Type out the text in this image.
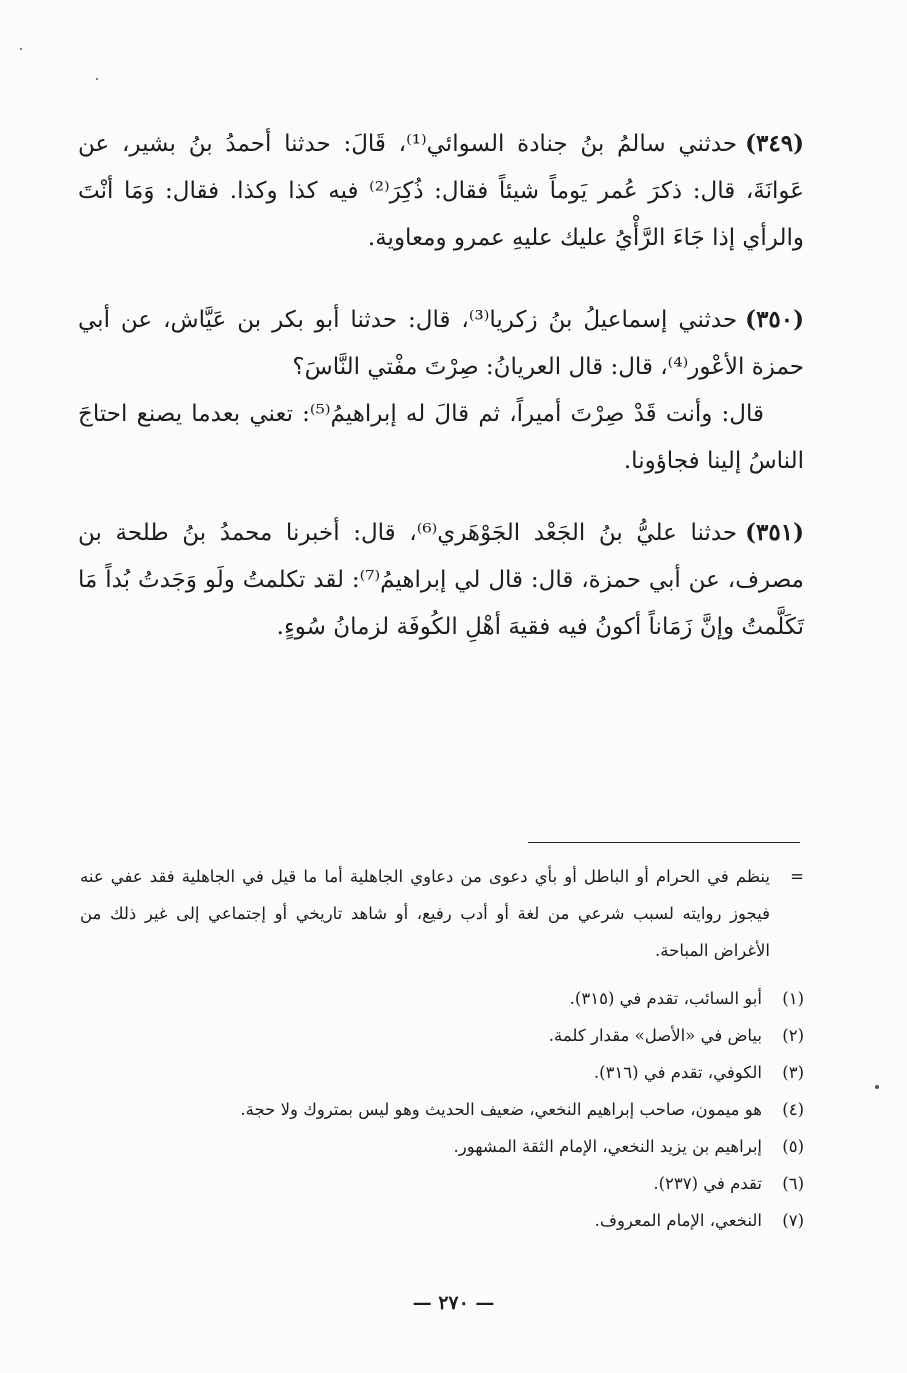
(٣٤٩)حدثني سالمُ بنُ جنادة السوائي⁽¹⁾، قَالَ: حدثنا أحمدُ بنُ بشير، عن عَوانَةَ، قال: ذكرَ عُمر يَوماً شيئاً فقال: ذُكِرَ⁽²⁾ فيه كذا وكذا. فقال: وَمَا أنْتَ والرأي إذا جَاءَ الرَّأْيُ عليك عليهِ عمرو ومعاوية.

(٣٥٠)حدثني إسماعيلُ بنُ زكريا⁽³⁾، قال: حدثنا أبو بكر بن عَيَّاش، عن أبي حمزة الأعْور⁽⁴⁾، قال: قال العريانُ: صِرْتَ مفْتي النَّاسَ؟

قال: وأنت قَدْ صِرْتَ أميراً، ثم قالَ له إبراهيمُ⁽⁵⁾: تعني بعدما يصنع احتاجَ الناسُ إلينا فجاؤونا.

(٣٥١)حدثنا عليُّ بنُ الجَعْد الجَوْهَري⁽⁶⁾، قال: أخبرنا محمدُ بنُ طلحة بن مصرف، عن أبي حمزة، قال: قال لي إبراهيمُ⁽⁷⁾: لقد تكلمتُ ولَو وَجَدتُ بُداً مَا تَكَلَّمتُ وإنَّ زَمَاناً أكونُ فيه فقيهَ أهْلِ الكُوفَة لزمانُ سُوءٍ.

=
ينظم في الحرام أو الباطل أو بأي دعوى من دعاوي الجاهلية أما ما قيل في الجاهلية فقد عفي عنه فيجوز روايته لسبب شرعي من لغة أو أدب رفيع، أو شاهد تاريخي أو إجتماعي إلى غير ذلك من الأغراض المباحة.
(١)
أبو السائب، تقدم في (٣١٥).
(٢)
بياض في «الأصل» مقدار كلمة.
(٣)
الكوفي، تقدم في (٣١٦).
(٤)
هو ميمون، صاحب إبراهيم النخعي، ضعيف الحديث وهو ليس بمتروك ولا حجة.
(٥)
إبراهيم بن يزيد النخعي، الإمام الثقة المشهور.
(٦)
تقدم في (٢٣٧).
(٧)
النخعي، الإمام المعروف.
— ٢٧٠ —
